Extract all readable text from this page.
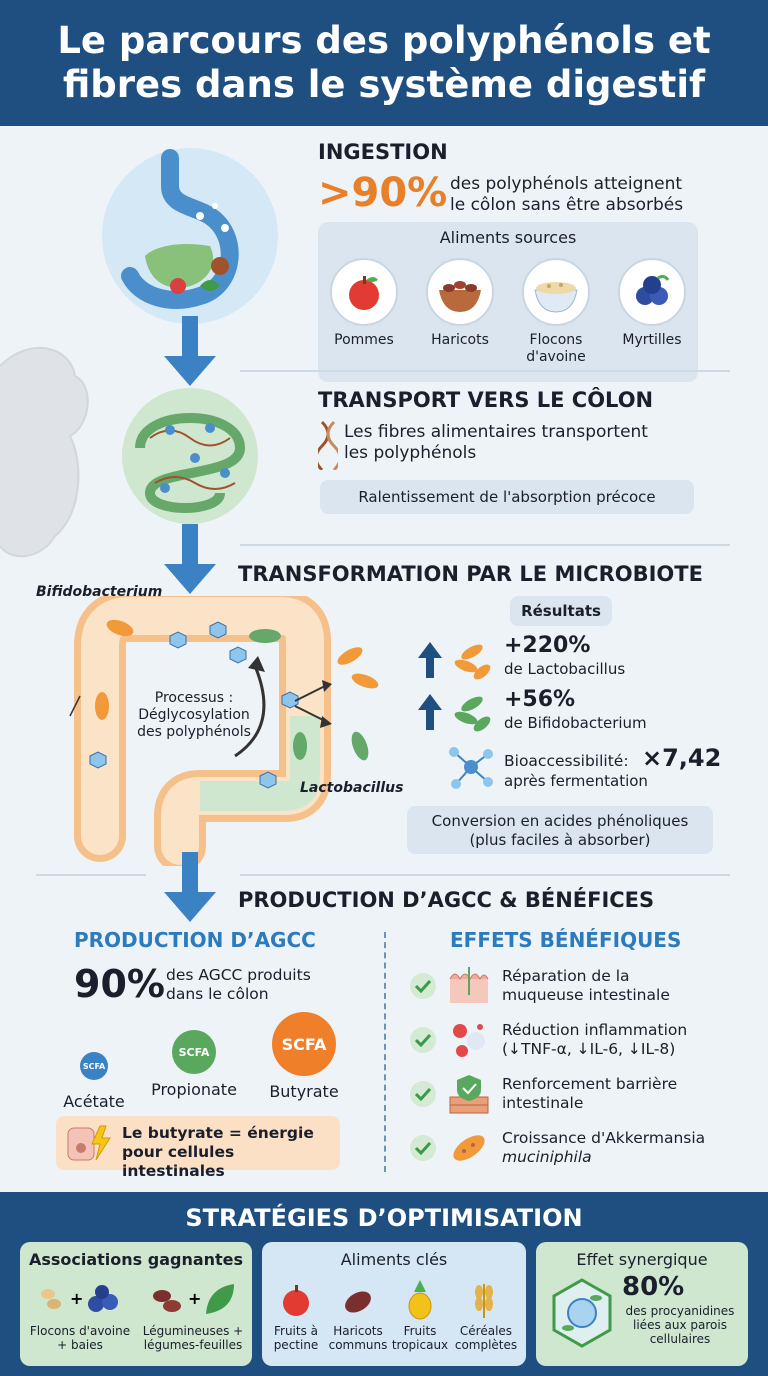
Le parcours des polyphénols et fibres dans le système digestif
INGESTION
>90% des polyphénols atteignent
le côlon sans être absorbés
Aliments sources
Pommes	Haricots	Flocons d'avoine
Myrtilles
TRANSPORT VERS LE CÔLON
Les fibres alimentaires transportent
les polyphénols
Ralentissement de l'absorption précoce
TRANSFORMATION PAR LE MICROBIOTE
Bifidobacterium
Processus :
Déglycosylation
des polyphénols
Lactobacillus
Résultats
+220%
de Lactobacillus
+56%
de Bifidobacterium
Bioaccessibilité: ×7,42
après fermentation
Conversion en acides phénoliques
(plus faciles à absorber)
PRODUCTION D’AGCC & BÉNÉFICES
PRODUCTION D’AGCC
90% des AGCC produits
dans le côlon
SCFA
Acétate
SCFA
Propionate
SCFA
Butyrate
Le butyrate = énergie
pour cellules intestinales
EFFETS BÉNÉFIQUES
Réparation de la
muqueuse intestinale
Réduction inflammation
(↓TNF-α, ↓IL-6, ↓IL-8)
Renforcement barrière
intestinale
Croissance d'Akkermansia
muciniphila
STRATÉGIES D’OPTIMISATION
Associations gagnantes
+	+
Flocons d'avoine
+ baies
Légumineuses +
légumes-feuilles
Aliments clés
Fruits à
pectine
Haricots
communs
Fruits
tropicaux
Céréales
complètes
Effet synergique
80%
des procyanidines
liées aux parois
cellulaires
